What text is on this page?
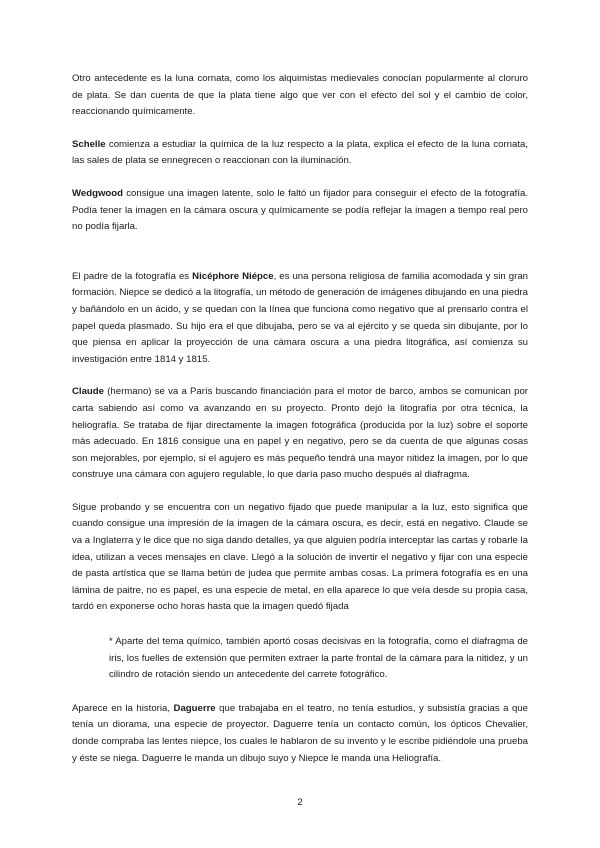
Otro antecedente es la luna cornata, como los alquimistas medievales conocían popularmente al cloruro de plata. Se dan cuenta de que la plata tiene algo que ver con el efecto del sol y el cambio de color, reaccionando químicamente.

Schelle comienza a estudiar la química de la luz respecto a la plata, explica el efecto de la luna cornata, las sales de plata se ennegrecen o reaccionan con la iluminación.

Wedgwood consigue una imagen latente, solo le faltó un fijador para conseguir el efecto de la fotografía. Podía tener la imagen en la cámara oscura y químicamente se podía reflejar la imagen a tiempo real pero no podía fijarla.

El padre de la fotografía es Nicéphore Niépce, es una persona religiosa de familia acomodada y sin gran formación. Niepce se dedicó a la litografía, un método de generación de imágenes dibujando en una piedra y bañándolo en un ácido, y se quedan con la línea que funciona como negativo que al prensarlo contra el papel queda plasmado. Su hijo era el que dibujaba, pero se va al ejército y se queda sin dibujante, por lo que piensa en aplicar la proyección de una cámara oscura a una piedra litográfica, así comienza su investigación entre 1814 y 1815.

Claude (hermano) se va a París buscando financiación para el motor de barco, ambos se comunican por carta sabiendo así como va avanzando en su proyecto. Pronto dejó la litografía por otra técnica, la heliografía. Se trataba de fijar directamente la imagen fotográfica (producida por la luz) sobre el soporte más adecuado. En 1816 consigue una en papel y en negativo, pero se da cuenta de que algunas cosas son mejorables, por ejemplo, si el agujero es más pequeño tendrá una mayor nitidez la imagen, por lo que construye una cámara con agujero regulable, lo que daría paso mucho después al diafragma.

Sigue probando y se encuentra con un negativo fijado que puede manipular a la luz, esto significa que cuando consigue una impresión de la imagen de la cámara oscura, es decir, está en negativo. Claude se va a Inglaterra y le dice que no siga dando detalles, ya que alguien podría interceptar las cartas y robarle la idea, utilizan a veces mensajes en clave. Llegó a la solución de invertir el negativo y fijar con una especie de pasta artística que se llama betún de judea que permite ambas cosas. La primera fotografía es en una lámina de paitre, no es papel, es una especie de metal, en ella aparece lo que veía desde su propia casa, tardó en exponerse ocho horas hasta que la imagen quedó fijada

* Aparte del tema químico, también aportó cosas decisivas en la fotografía, como el diafragma de iris, los fuelles de extensión que permiten extraer la parte frontal de la cámara para la nitidez, y un cilindro de rotación siendo un antecedente del carrete fotográfico.

Aparece en la historia, Daguerre que trabajaba en el teatro, no tenía estudios, y subsistía gracias a que tenía un diorama, una especie de proyector. Daguerre tenía un contacto común, los ópticos Chevalier, donde compraba las lentes niepce, los cuales le hablaron de su invento y le escribe pidiéndole una prueba y éste se niega. Daguerre le manda un dibujo suyo y Niepce le manda una Heliografía.

2
